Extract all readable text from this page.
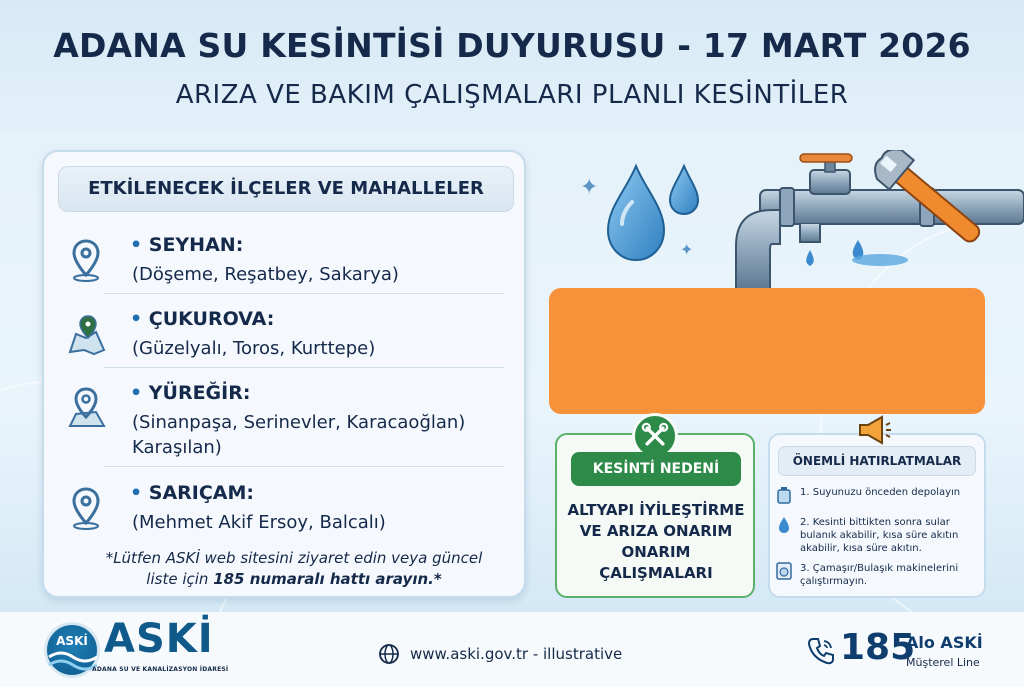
ADANA SU KESİNTİSİ DUYURUSU - 17 MART 2026
ARIZA VE BAKIM ÇALIŞMALARI PLANLI KESİNTİLER
ETKİLENECEK İLÇELER VE MAHALLELER
• SEYHAN:
(Döşeme, Reşatbey, Sakarya)
• ÇUKUROVA:
(Güzelyalı, Toros, Kurttepe)
• YÜREĞİR:
(Sinanpaşa, Serinevler, Karacaoğlan) Karaşılan)
• SARIÇAM:
(Mehmet Akif Ersoy, Balcalı)
*Lütfen ASKİ web sitesini ziyaret edin veya güncel
liste için 185 numaralı hattı arayın.*
✦
✦
KESİNTİ NEDENİ
ALTYAPI İYİLEŞTİRME VE ARIZA ONARIM ONARIM ÇALIŞMALARI
ÖNEMLİ HATIRLATMALAR
1. Suyunuzu önceden depolayın
2. Kesinti bittikten sonra sular bulanık akabilir, kısa süre akıtın akabilir, kısa süre akıtın.
3. Çamaşır/Bulaşık makinelerini çalıştırmayın.
ASKİ ASKİ
ADANA SU VE KANALİZASYON İDARESİ
www.aski.gov.tr - illustrative	185
Alo ASKİ
Müşterel Line
